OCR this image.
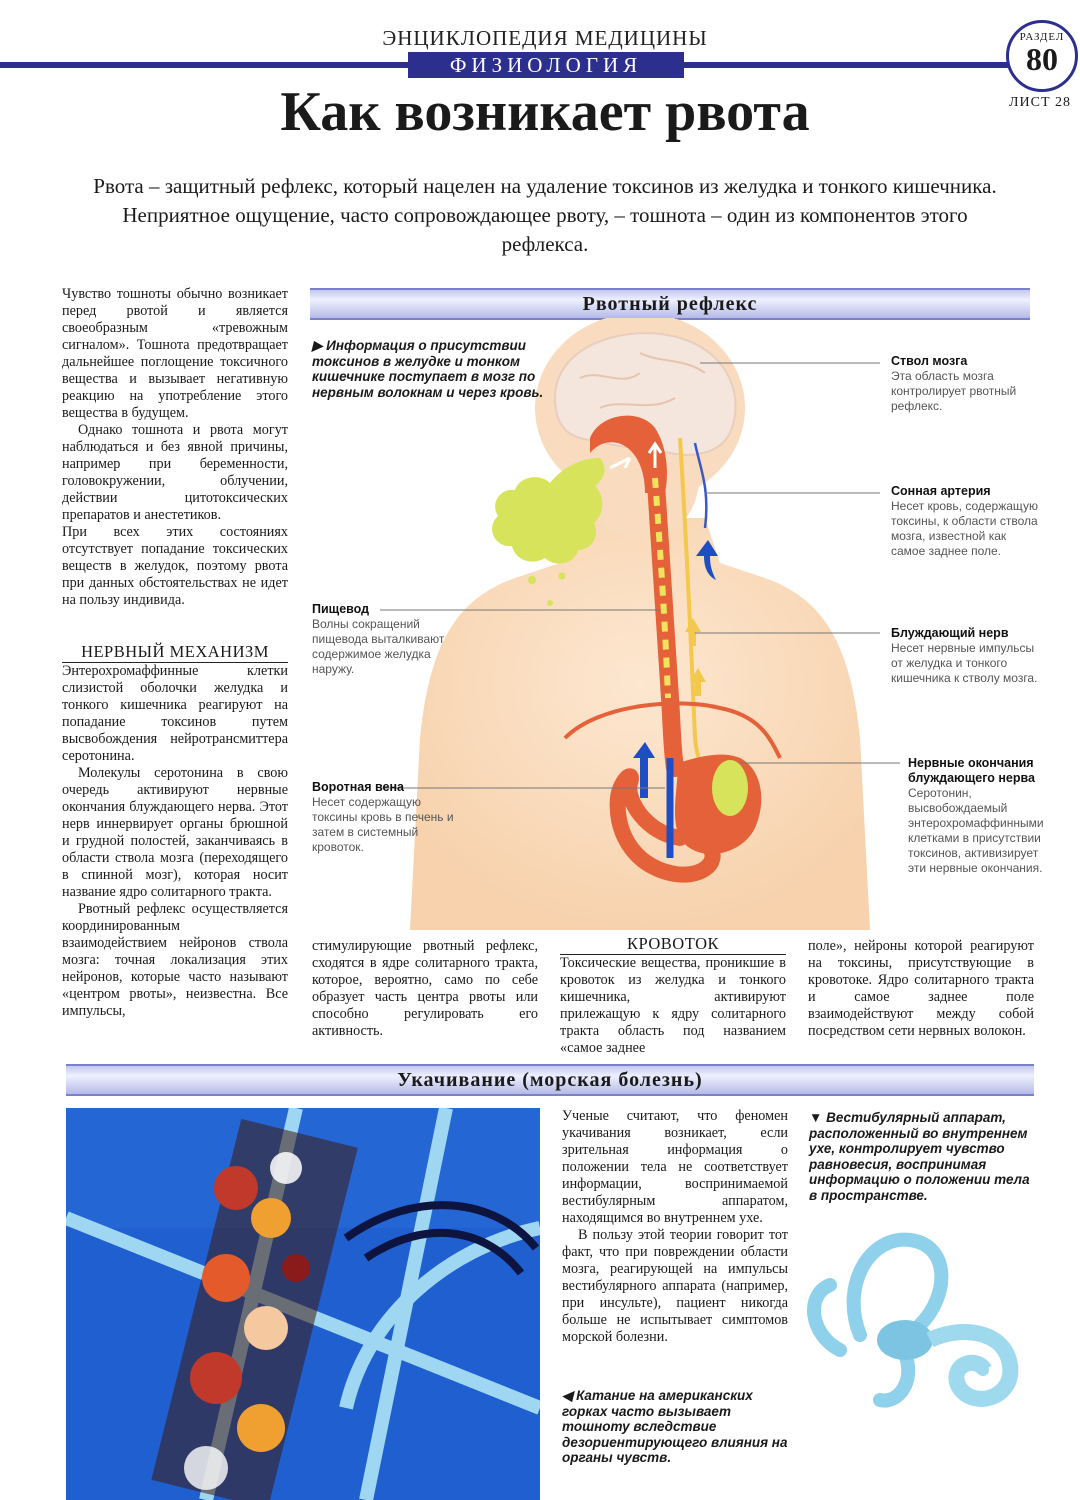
ЭНЦИКЛОПЕДИЯ МЕДИЦИНЫ
ФИЗИОЛОГИЯ
РАЗДЕЛ
80
ЛИСТ 28
Как возникает рвота
Рвота – защитный рефлекс, который нацелен на удаление токсинов из желудка и тонкого кишечника. Неприятное ощущение, часто сопровождающее рвоту, – тошнота – один из компонентов этого рефлекса.

Чувство тошноты обычно возникает перед рвотой и является своеобразным «тревожным сигналом». Тошнота предотвращает дальнейшее поглощение токсичного вещества и вызывает негативную реакцию на употребление этого вещества в будущем.

Однако тошнота и рвота могут наблюдаться и без явной причины, например при беременности, головокружении, облучении, действии цитотоксических препаратов и анестетиков.

При всех этих состояниях отсутствует попадание токсических веществ в желудок, поэтому рвота при данных обстоятельствах не идет на пользу индивида.

НЕРВНЫЙ МЕХАНИЗМ

Энтерохромаффинные клетки слизистой оболочки желудка и тонкого кишечника реагируют на попадание токсинов путем высвобождения нейротрансмиттера серотонина.

Молекулы серотонина в свою очередь активируют нервные окончания блуждающего нерва. Этот нерв иннервирует органы брюшной и грудной полостей, заканчиваясь в области ствола мозга (переходящего в спинной мозг), которая носит название ядро солитарного тракта.

Рвотный рефлекс осуществляется координированным взаимодействием нейронов ствола мозга: точная локализация этих нейронов, которые часто называют «центром рвоты», неизвестна. Все импульсы,

Рвотный рефлекс
▶ Информация о присутствии токсинов в желудке и тонком кишечнике поступает в мозг по нервным волокнам и через кровь.
Ствол мозга
Эта область мозга контролирует рвотный рефлекс.
Сонная артерия
Несет кровь, содержащую токсины, к области ствола мозга, известной как самое заднее поле.
Блуждающий нерв
Несет нервные импульсы от желудка и тонкого кишечника к стволу мозга.
Нервные окончания блуждающего нерва
Серотонин, высвобождаемый энтерохромаффинными клетками в присутствии токсинов, активизирует эти нервные окончания.
Пищевод
Волны сокращений пищевода выталкивают содержимое желудка наружу.
Воротная вена
Несет содержащую токсины кровь в печень и затем в системный кровоток.

стимулирующие рвотный рефлекс, сходятся в ядре солитарного тракта, которое, вероятно, само по себе образует часть центра рвоты или способно регулировать его активность.

КРОВОТОК

Токсические вещества, проникшие в кровоток из желудка и тонкого кишечника, активируют прилежащую к ядру солитарного тракта область под названием «самое заднее

поле», нейроны которой реагируют на токсины, присутствующие в кровотоке. Ядро солитарного тракта и самое заднее поле взаимодействуют между собой посредством сети нервных волокон.

Укачивание (морская болезнь)

Ученые считают, что феномен укачивания возникает, если зрительная информация о положении тела не соответствует информации, воспринимаемой вестибулярным аппаратом, находящимся во внутреннем ухе.

В пользу этой теории говорит тот факт, что при повреждении области мозга, реагирующей на импульсы вестибулярного аппарата (например, при инсульте), пациент никогда больше не испытывает симптомов морской болезни.

▼ Вестибулярный аппарат, расположенный во внутреннем ухе, контролирует чувство равновесия, воспринимая информацию о положении тела в пространстве.
◀ Катание на американских горках часто вызывает тошноту вследствие дезориентирующего влияния на органы чувств.
